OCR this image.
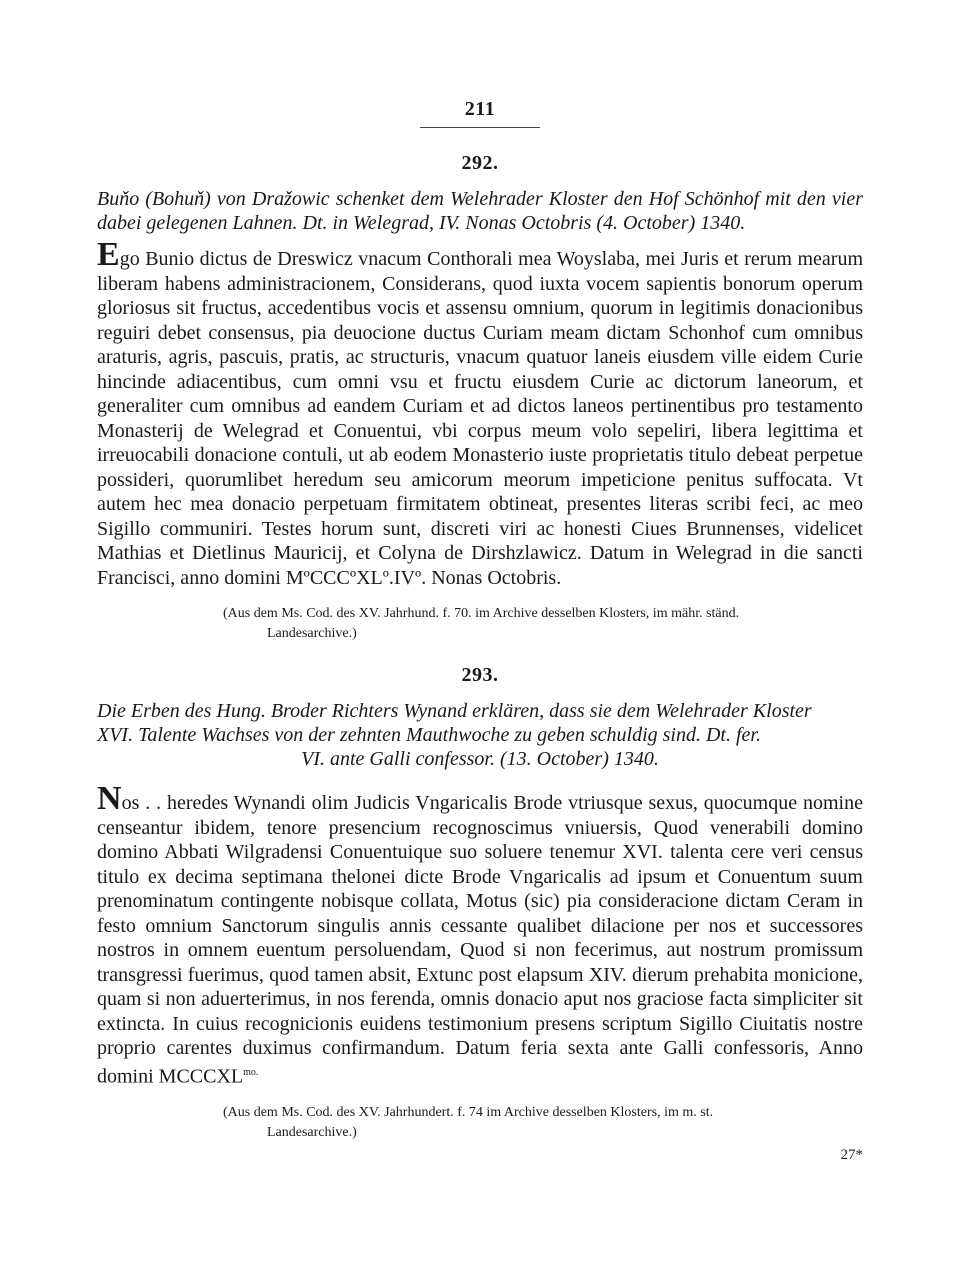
211
292.
Buňo (Bohuň) von Dražowic schenket dem Welehrader Kloster den Hof Schönhof mit den vier dabei gelegenen Lahnen. Dt. in Welegrad, IV. Nonas Octobris (4. October) 1340.
Ego Bunio dictus de Dreswicz vnacum Conthorali mea Woyslaba, mei Juris et rerum mearum liberam habens administracionem, Considerans, quod iuxta vocem sapientis bonorum operum gloriosus sit fructus, accedentibus vocis et assensu omnium, quorum in legitimis donacionibus reguiri debet consensus, pia deuocione ductus Curiam meam dictam Schonhof cum omnibus araturis, agris, pascuis, pratis, ac structuris, vnacum quatuor laneis eiusdem ville eidem Curie hincinde adiacentibus, cum omni vsu et fructu eiusdem Curie ac dictorum laneorum, et generaliter cum omnibus ad eandem Curiam et ad dictos laneos pertinentibus pro testamento Monasterij de Welegrad et Conuentui, vbi corpus meum volo sepeliri, libera legittima et irreuocabili donacione contuli, ut ab eodem Monasterio iuste proprietatis titulo debeat perpetue possideri, quorumlibet heredum seu amicorum meorum impeticione penitus suffocata. Vt autem hec mea donacio perpetuam firmitatem obtineat, presentes literas scribi feci, ac meo Sigillo communiri. Testes horum sunt, discreti viri ac honesti Ciues Brunnenses, videlicet Mathias et Dietlinus Mauricij, et Colyna de Dirshzlawicz. Datum in Welegrad in die sancti Francisci, anno domini MºCCCºXLº.IVº. Nonas Octobris.
(Aus dem Ms. Cod. des XV. Jahrhund. f. 70. im Archive desselben Klosters, im mähr. ständ.
Landesarchive.)
293.
Die Erben des Hung. Broder Richters Wynand erklären, dass sie dem Welehrader Kloster
XVI. Talente Wachses von der zehnten Mauthwoche zu geben schuldig sind. Dt. fer.
VI. ante Galli confessor. (13. October) 1340.
Nos . . heredes Wynandi olim Judicis Vngaricalis Brode vtriusque sexus, quocumque nomine censeantur ibidem, tenore presencium recognoscimus vniuersis, Quod venerabili domino domino Abbati Wilgradensi Conuentuique suo soluere tenemur XVI. talenta cere veri census titulo ex decima septimana thelonei dicte Brode Vngaricalis ad ipsum et Conuentum suum prenominatum contingente nobisque collata, Motus (sic) pia consideracione dictam Ceram in festo omnium Sanctorum singulis annis cessante qualibet dilacione per nos et successores nostros in omnem euentum persoluendam, Quod si non fecerimus, aut nostrum promissum transgressi fuerimus, quod tamen absit, Extunc post elapsum XIV. dierum prehabita monicione, quam si non aduerterimus, in nos ferenda, omnis donacio aput nos graciose facta simpliciter sit extincta. In cuius recognicionis euidens testimonium presens scriptum Sigillo Ciuitatis nostre proprio carentes duximus confirmandum. Datum feria sexta ante Galli confessoris, Anno domini $MCCCXL^{mo.}$
(Aus dem Ms. Cod. des XV. Jahrhundert. f. 74 im Archive desselben Klosters, im m. st.
Landesarchive.)
27*
